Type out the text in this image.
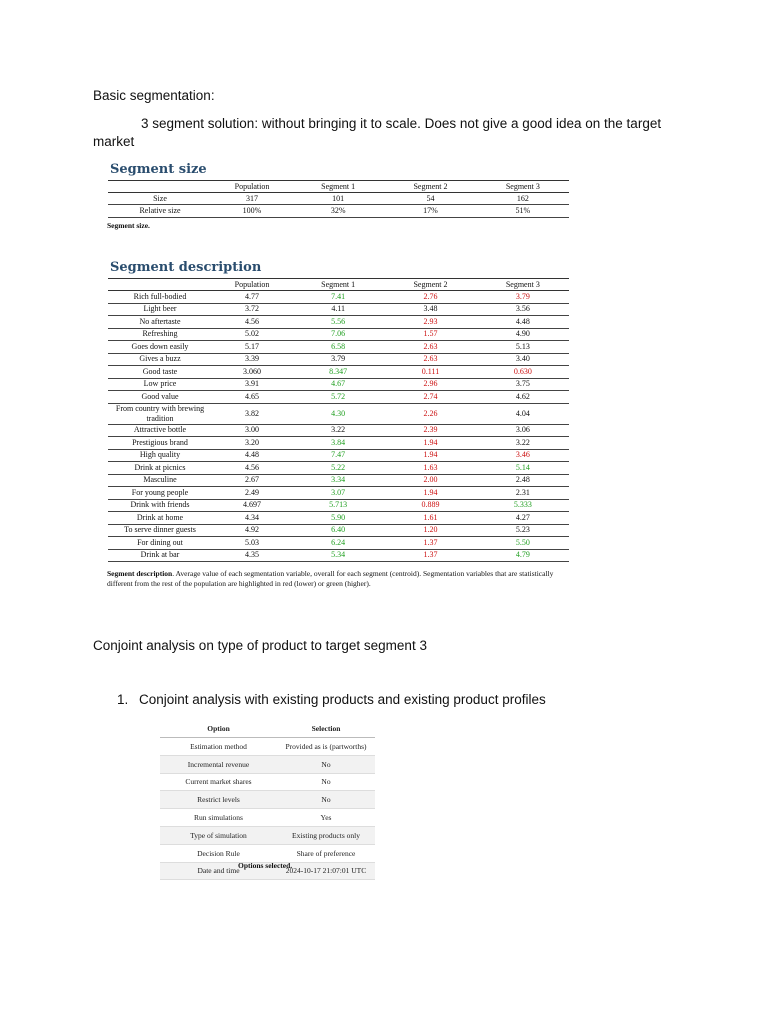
Basic segmentation:
3 segment solution: without bringing it to scale. Does not give a good idea on the target market
Segment size
	Population	Segment 1	Segment 2	Segment 3
Size	317	101	54	162
Relative size	100%	32%	17%	51%
Segment size.
Segment description
	Population	Segment 1	Segment 2	Segment 3
Rich full-bodied	4.77	7.41	2.76	3.79
Light beer	3.72	4.11	3.48	3.56
No aftertaste	4.56	5.56	2.93	4.48
Refreshing	5.02	7.06	1.57	4.90
Goes down easily	5.17	6.58	2.63	5.13
Gives a buzz	3.39	3.79	2.63	3.40
Good taste	3.060	8.347	0.111	0.630
Low price	3.91	4.67	2.96	3.75
Good value	4.65	5.72	2.74	4.62
From country with brewing tradition	3.82	4.30	2.26	4.04
Attractive bottle	3.00	3.22	2.39	3.06
Prestigious brand	3.20	3.84	1.94	3.22
High quality	4.48	7.47	1.94	3.46
Drink at picnics	4.56	5.22	1.63	5.14
Masculine	2.67	3.34	2.00	2.48
For young people	2.49	3.07	1.94	2.31
Drink with friends	4.697	5.713	0.889	5.333
Drink at home	4.34	5.90	1.61	4.27
To serve dinner guests	4.92	6.40	1.20	5.23
For dining out	5.03	6.24	1.37	5.50
Drink at bar	4.35	5.34	1.37	4.79
Segment description. Average value of each segmentation variable, overall for each segment (centroid). Segmentation variables that are statistically different from the rest of the population are highlighted in red (lower) or green (higher).
Conjoint analysis on type of product to target segment 3
1. Conjoint analysis with existing products and existing product profiles
Option	Selection
Estimation method	Provided as is (partworths)
Incremental revenue	No
Current market shares	No
Restrict levels	No
Run simulations	Yes
Type of simulation	Existing products only
Decision Rule	Share of preference
Date and time	2024-10-17 21:07:01 UTC
Options selected.
